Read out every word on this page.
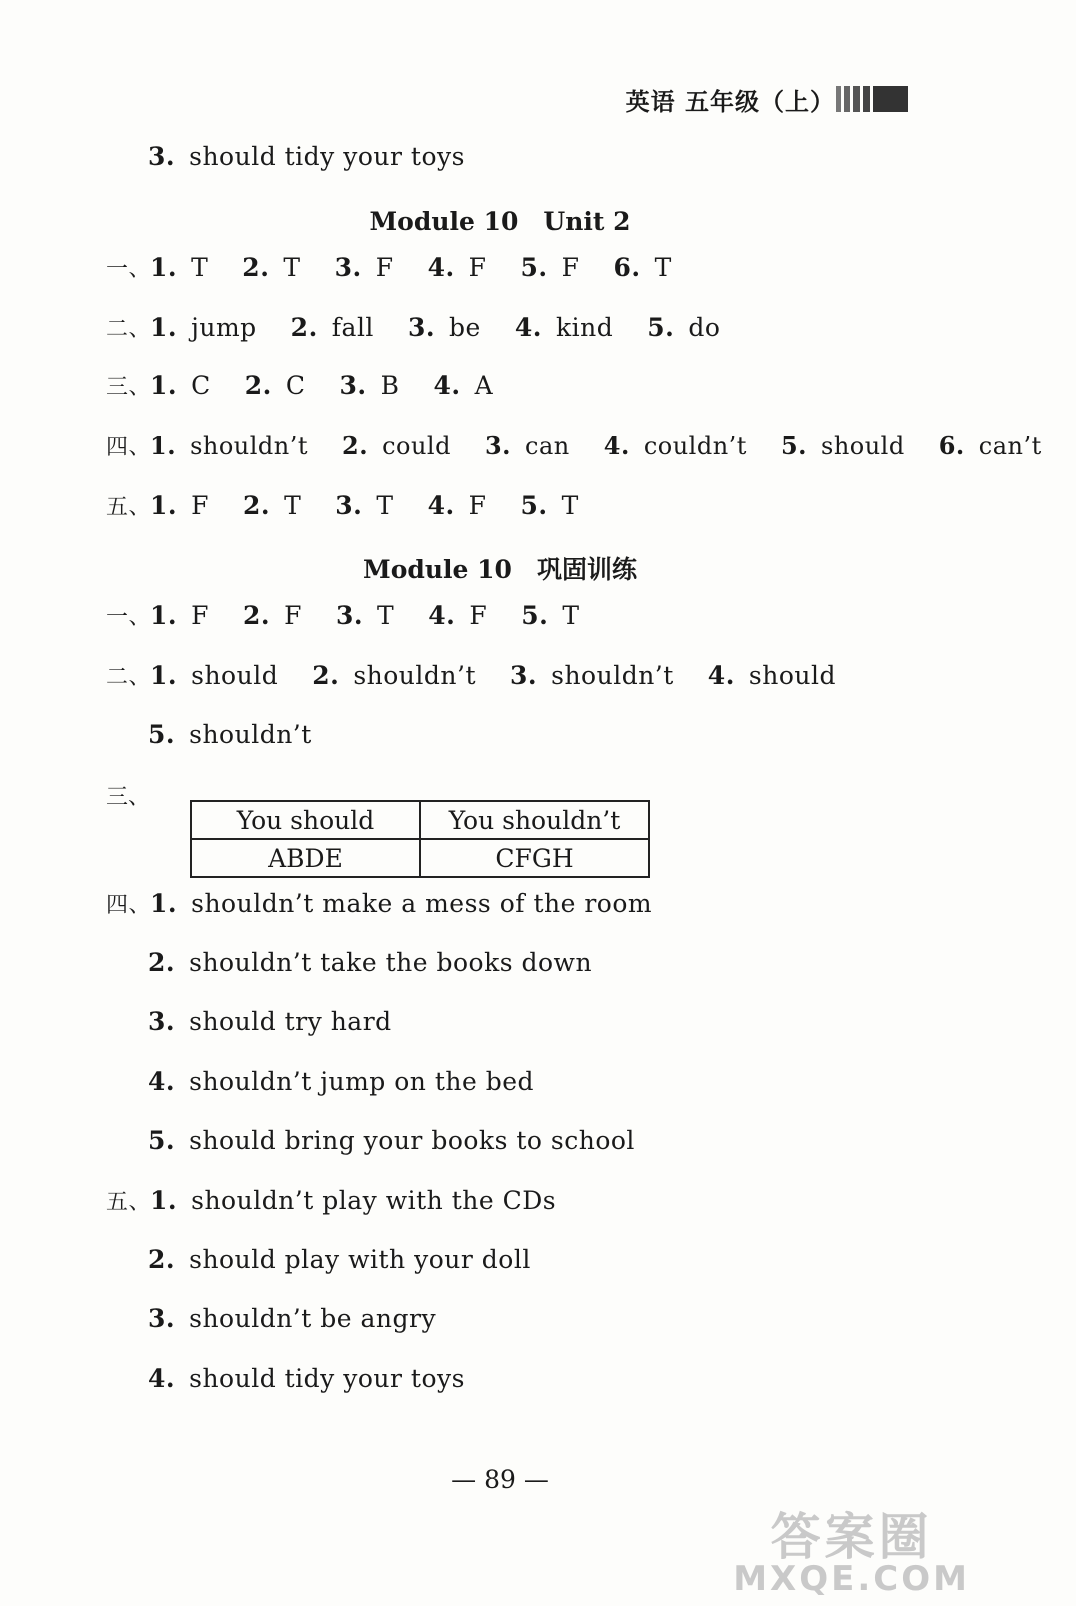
英语 五年级（上）
3. should tidy your toys
Module 10　Unit 2
一、1. T 2. T 3. F 4. F 5. F 6. T
二、1. jump 2. fall 3. be 4. kind 5. do
三、1. C 2. C 3. B 4. A
四、1. shouldn’t 2. could 3. can 4. couldn’t 5. should 6. can’t
五、1. F 2. T 3. T 4. F 5. T
Module 10　巩固训练
一、1. F 2. F 3. T 4. F 5. T
二、1. should 2. shouldn’t 3. shouldn’t 4. should
5. shouldn’t
三、
You should	You shouldn’t
ABDE	CFGH
四、1. shouldn’t make a mess of the room
2. shouldn’t take the books down
3. should try hard
4. shouldn’t jump on the bed
5. should bring your books to school
五、1. shouldn’t play with the CDs
2. should play with your doll
3. shouldn’t be angry
4. should tidy your toys
— 89 —
答案圈
MXQE.COM
